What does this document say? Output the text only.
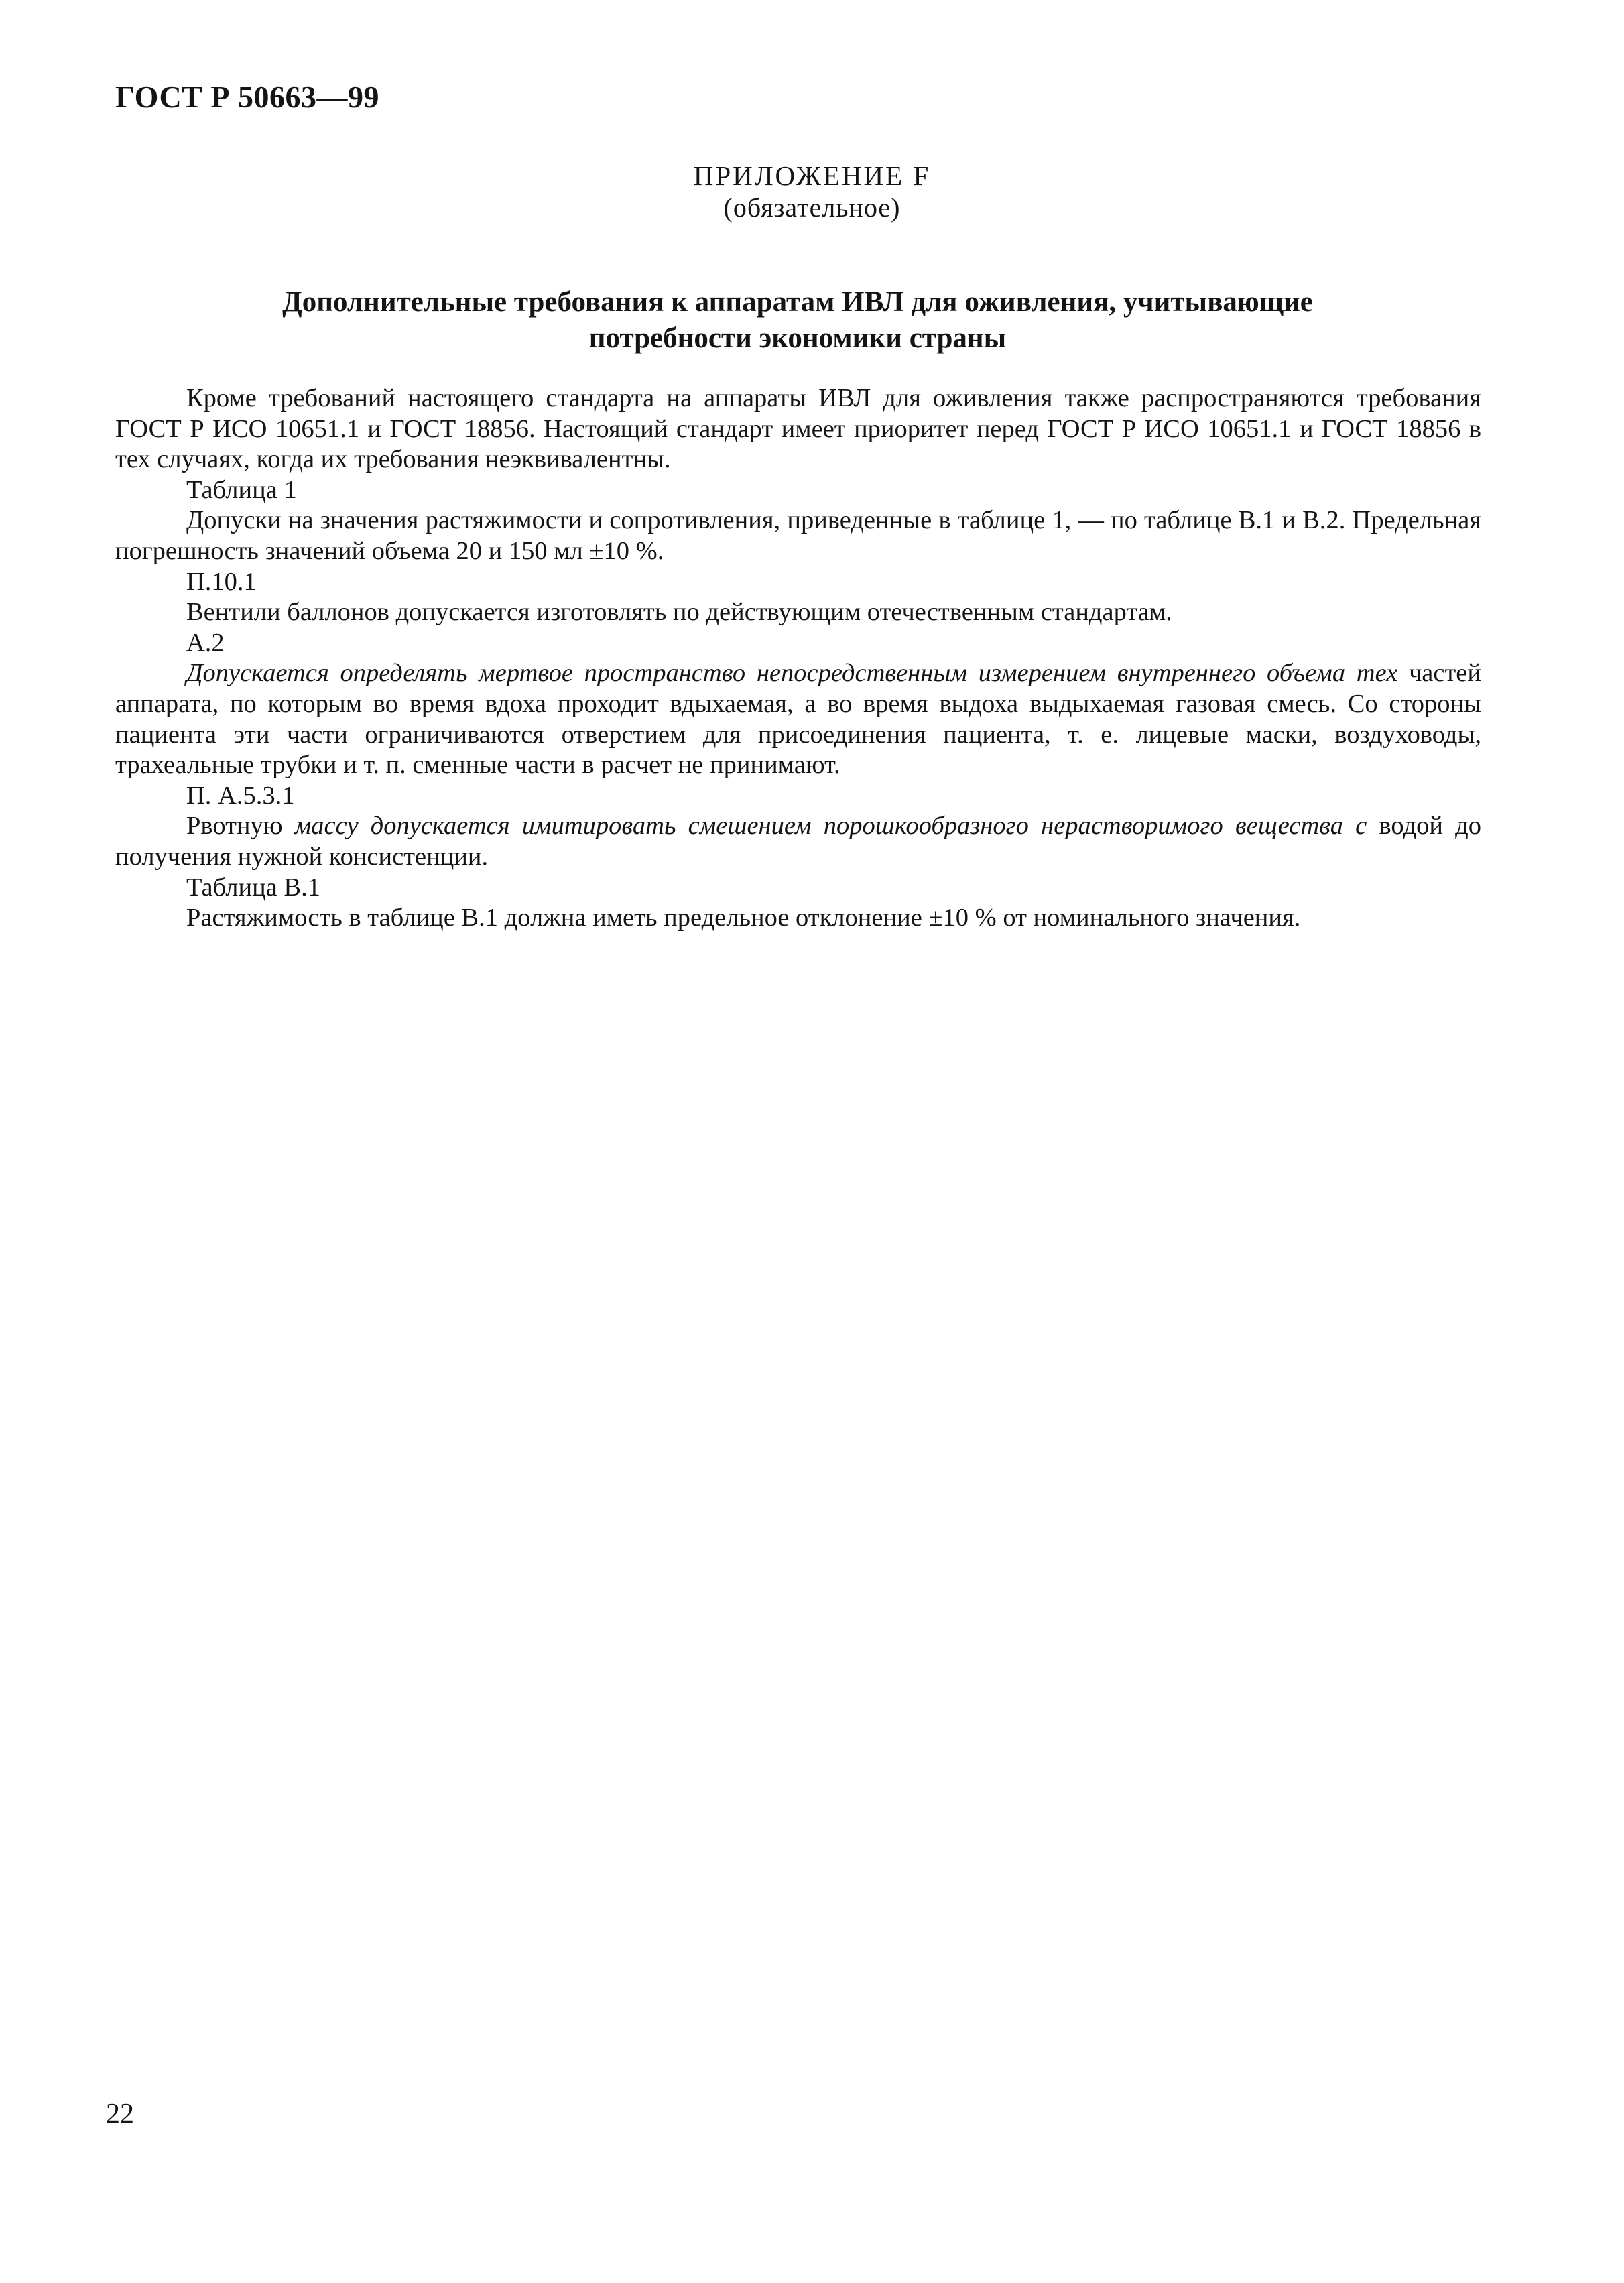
ГОСТ Р 50663—99
ПРИЛОЖЕНИЕ F
(обязательное)
Дополнительные требования к аппаратам ИВЛ для оживления, учитывающие
потребности экономики страны

Кроме требований настоящего стандарта на аппараты ИВЛ для оживления также распространяются требования ГОСТ Р ИСО 10651.1 и ГОСТ 18856. Настоящий стандарт имеет приоритет перед ГОСТ Р ИСО 10651.1 и ГОСТ 18856 в тех случаях, когда их требования неэквивалентны.

Таблица 1

Допуски на значения растяжимости и сопротивления, приведенные в таблице 1, — по таблице В.1 и В.2. Предельная погрешность значений объема 20 и 150 мл ±10 %.

П.10.1

Вентили баллонов допускается изготовлять по действующим отечественным стандартам.

А.2

Допускается определять мертвое пространство непосредственным измерением внутреннего объема тех частей аппарата, по которым во время вдоха проходит вдыхаемая, а во время выдоха выдыхаемая газовая смесь. Со стороны пациента эти части ограничиваются отверстием для присоединения пациента, т. е. лицевые маски, воздуховоды, трахеальные трубки и т. п. сменные части в расчет не принимают.

П. А.5.3.1

Рвотную массу допускается имитировать смешением порошкообразного нерастворимого вещества с водой до получения нужной консистенции.

Таблица В.1

Растяжимость в таблице В.1 должна иметь предельное отклонение ±10 % от номинального значения.

22
